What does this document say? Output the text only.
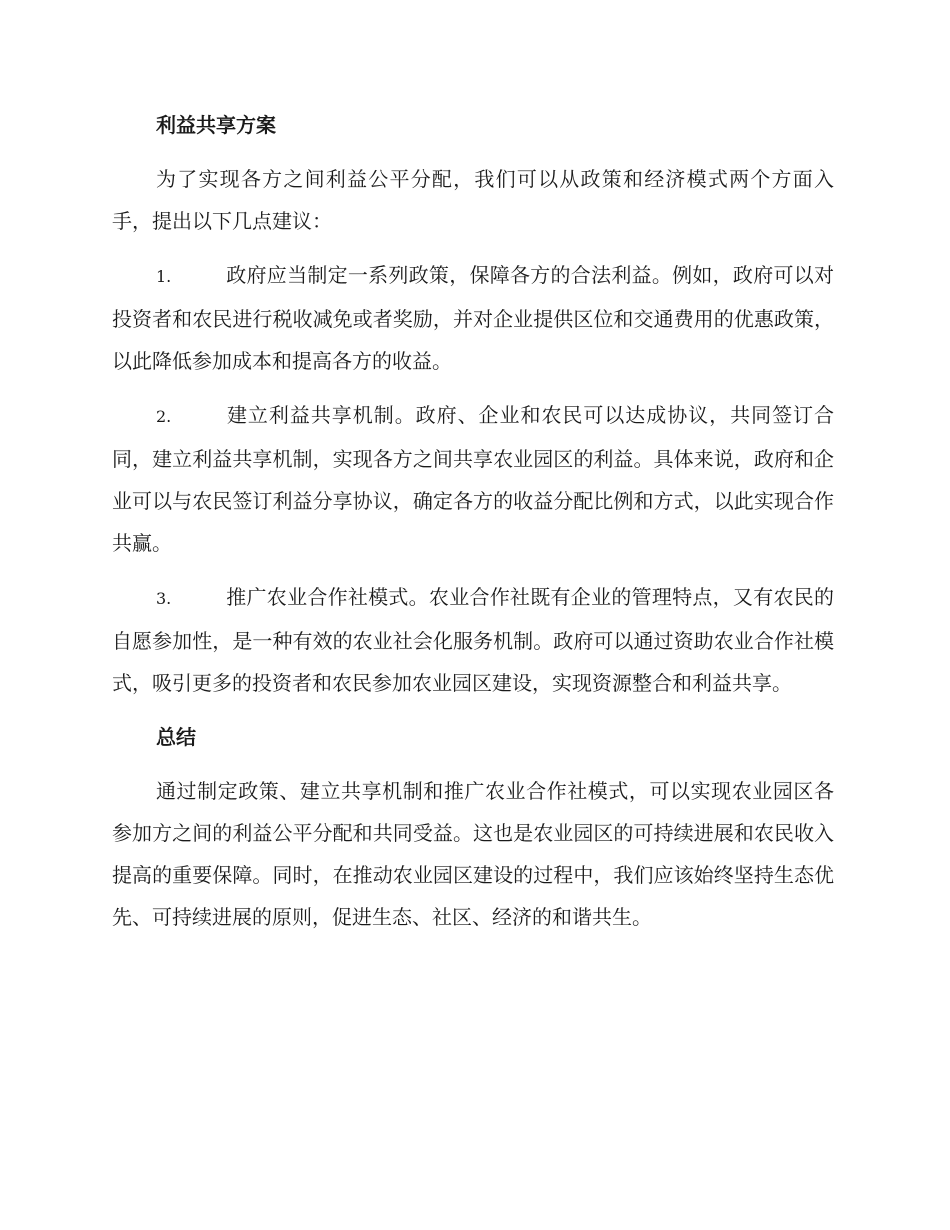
利益共享方案

为了实现各方之间利益公平分配，我们可以从政策和经济模式两个方面入手，提出以下几点建议：

1.	政府应当制定一系列政策，保障各方的合法利益。例如，政府可以对投资者和农民进行税收减免或者奖励，并对企业提供区位和交通费用的优惠政策，以此降低参加成本和提高各方的收益。

2.	建立利益共享机制。政府、企业和农民可以达成协议，共同签订合同，建立利益共享机制，实现各方之间共享农业园区的利益。具体来说，政府和企业可以与农民签订利益分享协议，确定各方的收益分配比例和方式，以此实现合作共赢。

3.	推广农业合作社模式。农业合作社既有企业的管理特点，又有农民的自愿参加性，是一种有效的农业社会化服务机制。政府可以通过资助农业合作社模式，吸引更多的投资者和农民参加农业园区建设，实现资源整合和利益共享。

总结

通过制定政策、建立共享机制和推广农业合作社模式，可以实现农业园区各参加方之间的利益公平分配和共同受益。这也是农业园区的可持续进展和农民收入提高的重要保障。同时，在推动农业园区建设的过程中，我们应该始终坚持生态优先、可持续进展的原则，促进生态、社区、经济的和谐共生。
